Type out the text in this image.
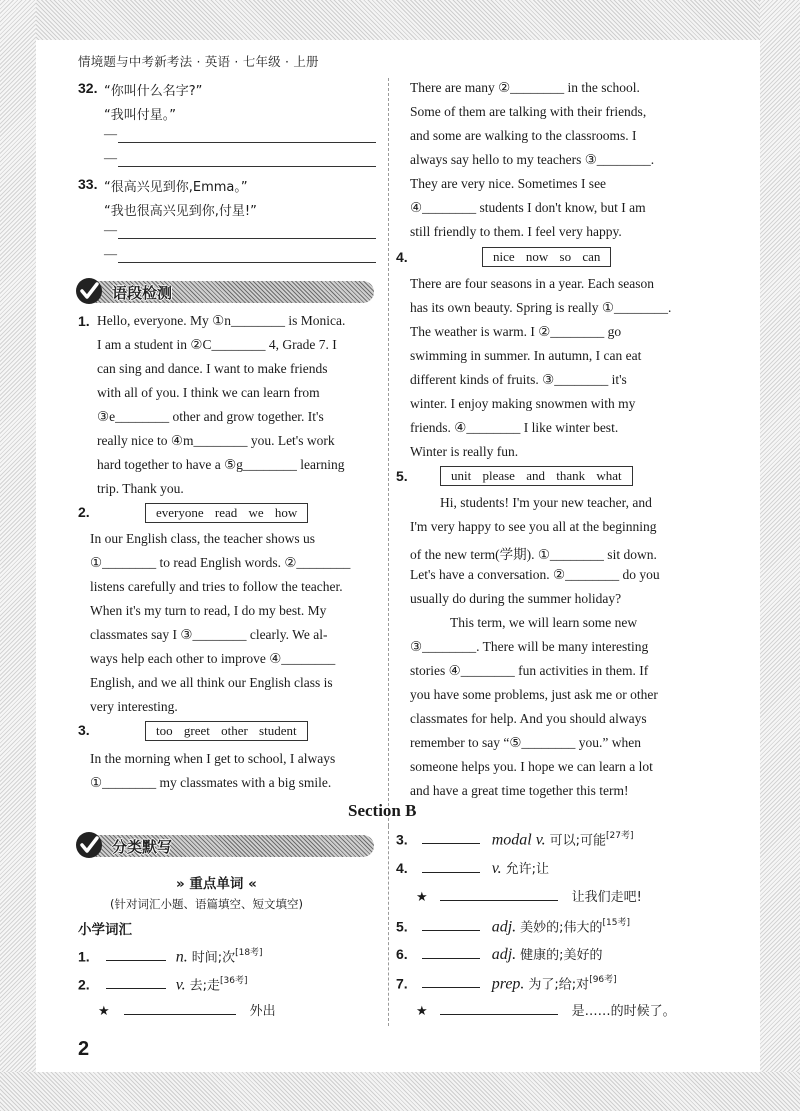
情境题与中考新考法 · 英语 · 七年级 · 上册
32. “你叫什么名字?”
“我叫付星。”
—
—
33. “很高兴见到你,Emma。”
“我也很高兴见到你,付星!”
—
—
语段检测
1. Hello, everyone. My ①n________ is Monica.
I am a student in ②C________ 4, Grade 7. I
can sing and dance. I want to make friends
with all of you. I think we can learn from
③e________ other and grow together. It's
really nice to ④m________ you. Let's work
hard together to have a ⑤g________ learning
trip. Thank you.
2.	everyone read we how
In our English class, the teacher shows us
①________ to read English words. ②________
listens carefully and tries to follow the teacher.
When it's my turn to read, I do my best. My
classmates say I ③________ clearly. We al-
ways help each other to improve ④________
English, and we all think our English class is
very interesting.
3.	too greet other student
In the morning when I get to school, I always
①________ my classmates with a big smile.
There are many ②________ in the school.
Some of them are talking with their friends,
and some are walking to the classrooms. I
always say hello to my teachers ③________.
They are very nice. Sometimes I see
④________ students I don't know, but I am
still friendly to them. I feel very happy.
4.	nice now so can
There are four seasons in a year. Each season
has its own beauty. Spring is really ①________.
The weather is warm. I ②________ go
swimming in summer. In autumn, I can eat
different kinds of fruits. ③________ it's
winter. I enjoy making snowmen with my
friends. ④________ I like winter best.
Winter is really fun.
5.	unit please and thank what
Hi, students! I'm your new teacher, and
I'm very happy to see you all at the beginning
of the new term(学期). ①________ sit down.
Let's have a conversation. ②________ do you
usually do during the summer holiday?
This term, we will learn some new
③________. There will be many interesting
stories ④________ fun activities in them. If
you have some problems, just ask me or other
classmates for help. And you should always
remember to say “⑤________ you.” when
someone helps you. I hope we can learn a lot
and have a great time together this term!
Section B
分类默写
» 重点单词 «
(针对词汇小题、语篇填空、短文填空)
小学词汇
1.	n. 时间;次[18考]
2.	v. 去;走[36考]
★	外出
3.	modal v. 可以;可能[27考]
4.	v. 允许;让
★	让我们走吧!
5.	adj. 美妙的;伟大的[15考]
6.	adj. 健康的;美好的
7.	prep. 为了;给;对[96考]
★	是……的时候了。
2
